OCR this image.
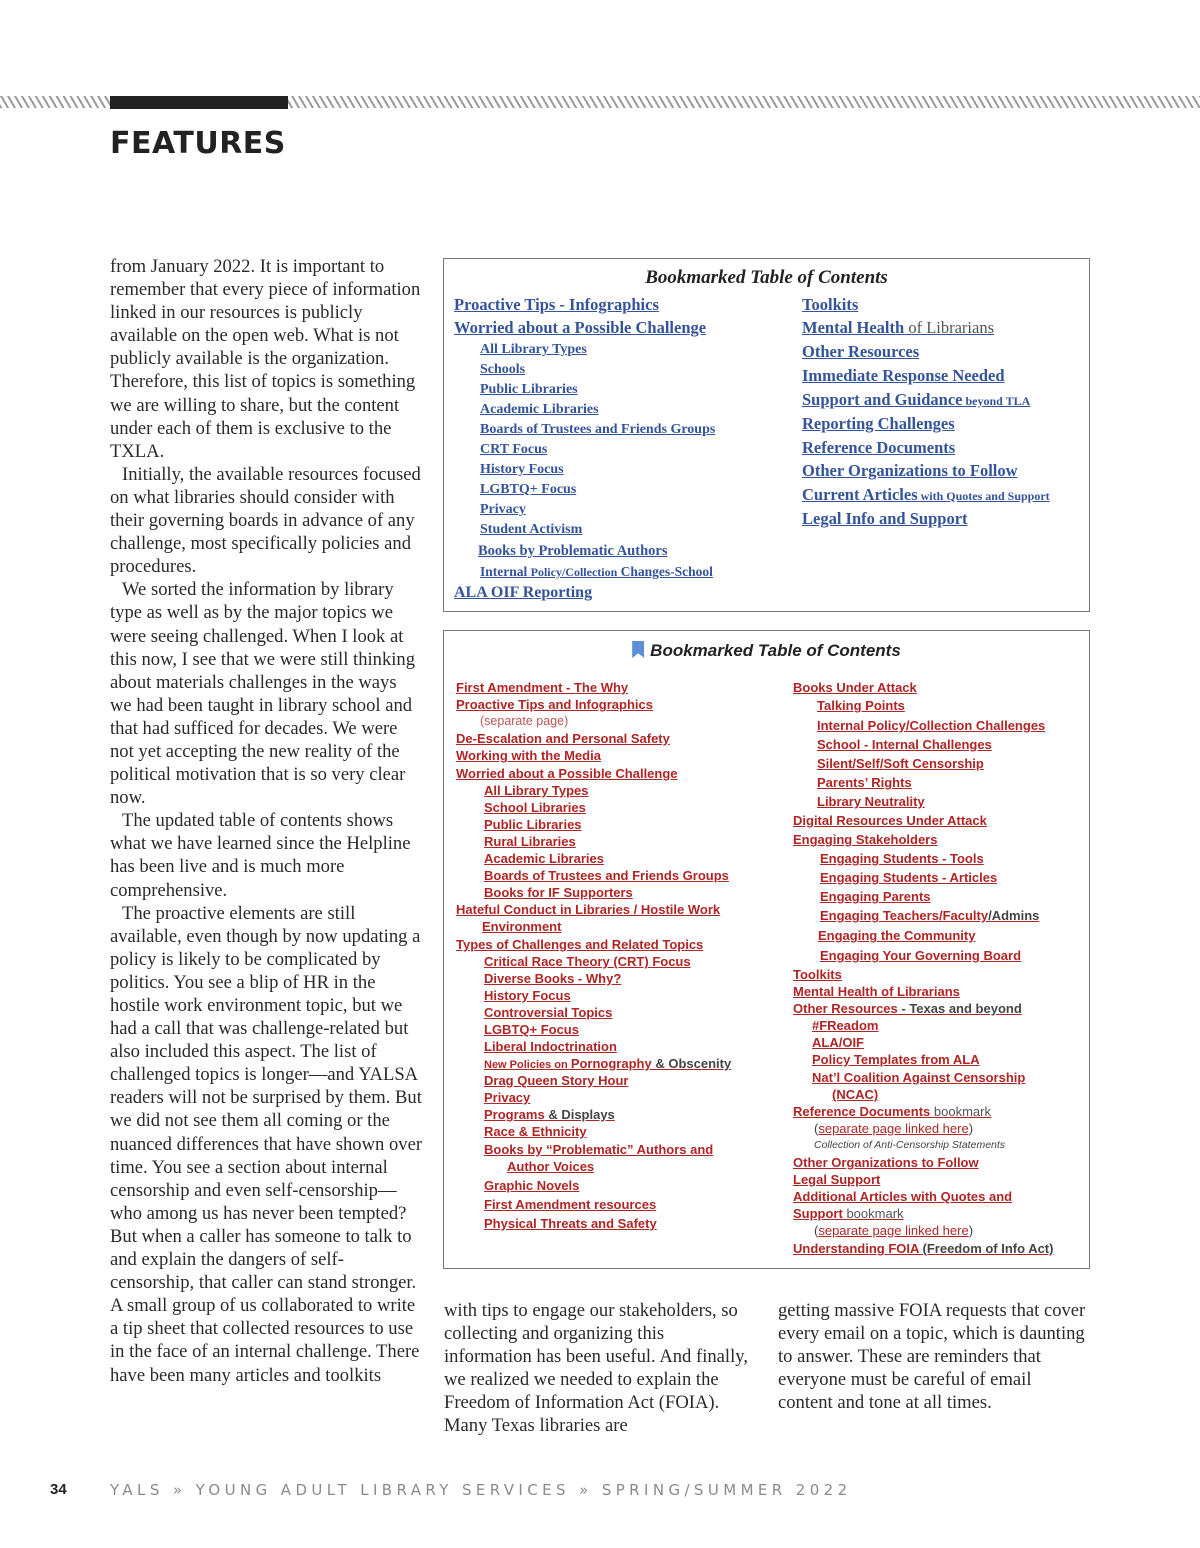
FEATURES

from January 2022. It is important to remember that every piece of information linked in our resources is publicly available on the open web. What is not publicly available is the organization. Therefore, this list of topics is something we are willing to share, but the content under each of them is exclusive to the TXLA.

Initially, the available resources focused on what libraries should consider with their governing boards in advance of any challenge, most specifically policies and procedures.

We sorted the information by library type as well as by the major topics we were seeing challenged. When I look at this now, I see that we were still thinking about materials challenges in the ways we had been taught in library school and that had sufficed for decades. We were not yet accepting the new reality of the political motivation that is so very clear now.

The updated table of contents shows what we have learned since the Helpline has been live and is much more comprehensive.

The proactive elements are still available, even though by now updating a policy is likely to be complicated by politics. You see a blip of HR in the hostile work environment topic, but we had a call that was challenge-related but also included this aspect. The list of challenged topics is longer—and YALSA readers will not be surprised by them. But we did not see them all coming or the nuanced differences that have shown over time. You see a section about internal censorship and even self-censorship—who among us has never been tempted? But when a caller has someone to talk to and explain the dangers of self-censorship, that caller can stand stronger. A small group of us collaborated to write a tip sheet that collected resources to use in the face of an internal challenge. There have been many articles and toolkits

with tips to engage our stakeholders, so collecting and organizing this information has been useful. And finally, we realized we needed to explain the Freedom of Information Act (FOIA). Many Texas libraries are

getting massive FOIA requests that cover every email on a topic, which is daunting to answer. These are reminders that everyone must be careful of email content and tone at all times.

Bookmarked Table of Contents
Proactive Tips - Infographics
Worried about a Possible Challenge
All Library Types
Schools
Public Libraries
Academic Libraries
Boards of Trustees and Friends Groups
CRT Focus
History Focus
LGBTQ+ Focus
Privacy
Student Activism
Books by Problematic Authors
Internal Policy/Collection Changes-School
ALA OIF Reporting
Toolkits
Mental Health of Librarians
Other Resources
Immediate Response Needed
Support and Guidance beyond TLA
Reporting Challenges
Reference Documents
Other Organizations to Follow
Current Articles with Quotes and Support
Legal Info and Support
Bookmarked Table of Contents
First Amendment - The Why
Proactive Tips and Infographics
(separate page)
De-Escalation and Personal Safety
Working with the Media
Worried about a Possible Challenge
All Library Types
School Libraries
Public Libraries
Rural Libraries
Academic Libraries
Boards of Trustees and Friends Groups
Books for IF Supporters
Hateful Conduct in Libraries / Hostile Work
Environment
Types of Challenges and Related Topics
Critical Race Theory (CRT) Focus
Diverse Books - Why?
History Focus
Controversial Topics
LGBTQ+ Focus
Liberal Indoctrination
New Policies on Pornography & Obscenity
Drag Queen Story Hour
Privacy
Programs & Displays
Race & Ethnicity
Books by “Problematic” Authors and
Author Voices
Graphic Novels
First Amendment resources
Physical Threats and Safety
Books Under Attack
Talking Points
Internal Policy/Collection Challenges
School - Internal Challenges
Silent/Self/Soft Censorship
Parents’ Rights
Library Neutrality
Digital Resources Under Attack
Engaging Stakeholders
Engaging Students - Tools
Engaging Students - Articles
Engaging Parents
Engaging Teachers/Faculty/Admins
Engaging the Community
Engaging Your Governing Board
Toolkits
Mental Health of Librarians
Other Resources - Texas and beyond
#FReadom
ALA/OIF
Policy Templates from ALA
Nat’l Coalition Against Censorship
(NCAC)
Reference Documents bookmark
(separate page linked here)
Collection of Anti-Censorship Statements
Other Organizations to Follow
Legal Support
Additional Articles with Quotes and
Support bookmark
(separate page linked here)
Understanding FOIA (Freedom of Info Act)
34	YALS » YOUNG ADULT LIBRARY SERVICES » SPRING/SUMMER 2022
